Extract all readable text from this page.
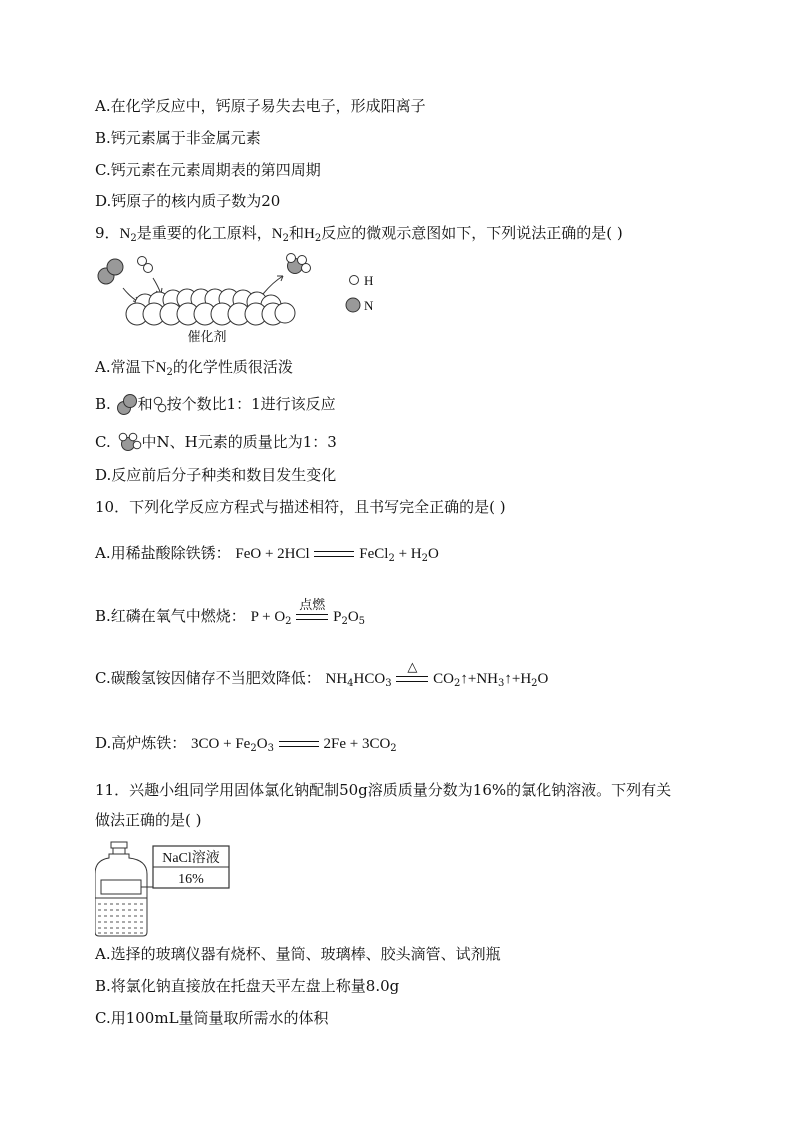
A.在化学反应中，钙原子易失去电子，形成阳离子
B.钙元素属于非金属元素
C.钙元素在元素周期表的第四周期
D.钙原子的核内质子数为20
9．$N_2$是重要的化工原料，$N_2$和$H_2$反应的微观示意图如下，下列说法正确的是( )
催化剂
H
N
A.常温下$N_2$的化学性质很活泼
B. 和 按个数比1：1进行该反应
C. 中N、H元素的质量比为1：3
D.反应前后分子种类和数目发生变化
10．下列化学反应方程式与描述相符，且书写完全正确的是( )
A.用稀盐酸除铁锈： FeO + 2HCl	FeCl$_2$ + $H_2O$
B.红磷在氧气中燃烧： $P + O_2$
点燃
$P_2O_5$
C.碳酸氢铵因储存不当肥效降低： $NH_4HCO_3$
△
$CO_2↑+NH_3↑+H_2O$
D.高炉炼铁： $3CO + Fe_2O_3$	$2Fe + 3CO_2$
11．兴趣小组同学用固体氯化钠配制50g溶质质量分数为16%的氯化钠溶液。下列有关
做法正确的是( )
NaCl溶液
16%
A.选择的玻璃仪器有烧杯、量筒、玻璃棒、胶头滴管、试剂瓶
B.将氯化钠直接放在托盘天平左盘上称量8.0g
C.用100mL量筒量取所需水的体积
